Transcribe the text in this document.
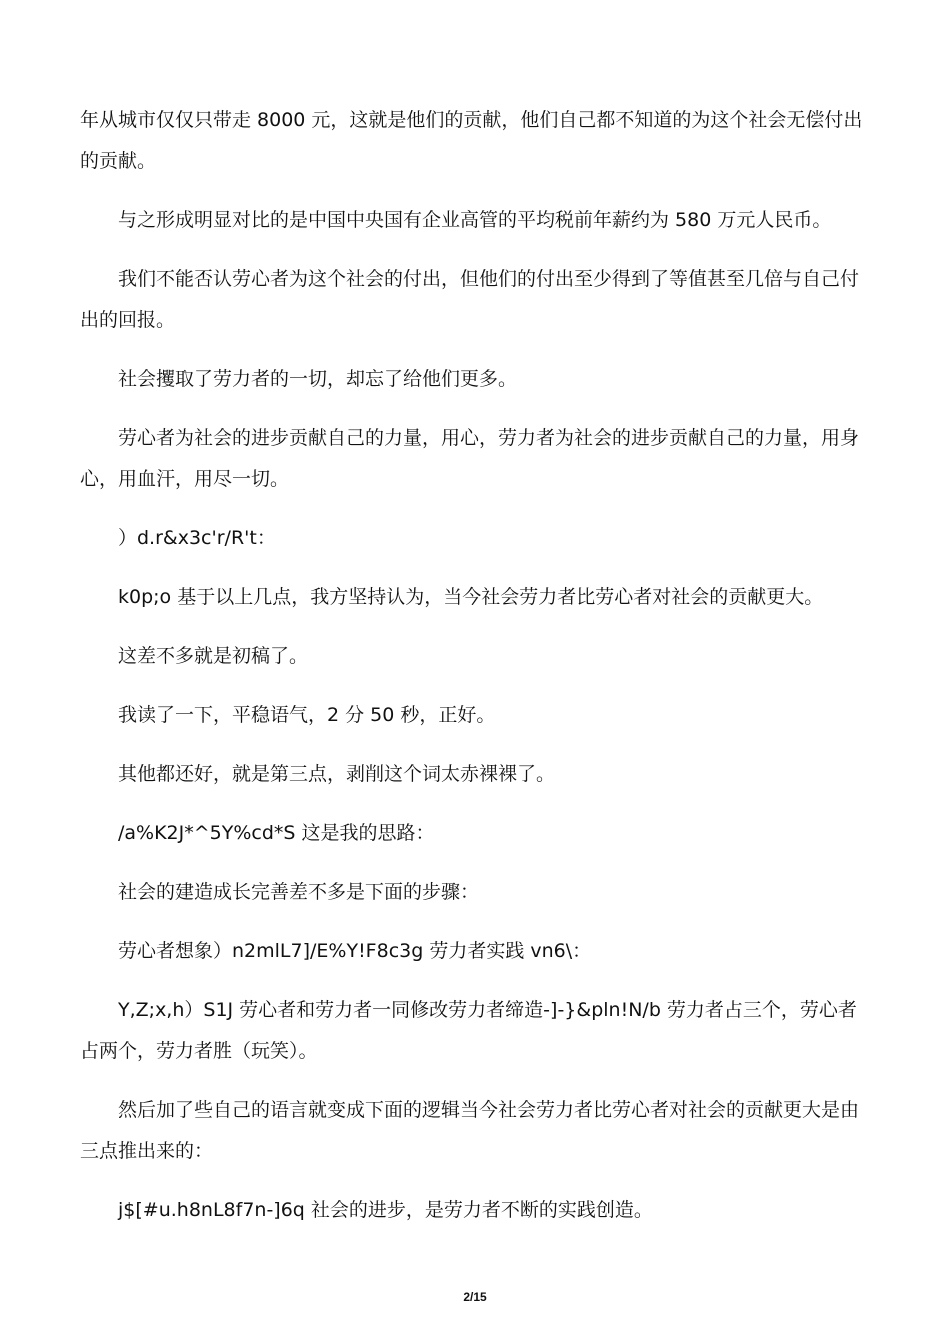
年从城市仅仅只带走 8000 元，这就是他们的贡献，他们自己都不知道的为这个社会无偿付出的贡献。

与之形成明显对比的是中国中央国有企业高管的平均税前年薪约为 580 万元人民币。

我们不能否认劳心者为这个社会的付出，但他们的付出至少得到了等值甚至几倍与自己付出的回报。

社会攫取了劳力者的一切，却忘了给他们更多。

劳心者为社会的进步贡献自己的力量，用心，劳力者为社会的进步贡献自己的力量，用身心，用血汗，用尽一切。

）d.r&x3c'r/R't：

k0p;o 基于以上几点，我方坚持认为，当今社会劳力者比劳心者对社会的贡献更大。

这差不多就是初稿了。

我读了一下，平稳语气，2 分 50 秒，正好。

其他都还好，就是第三点，剥削这个词太赤裸裸了。

/a%K2J*^5Y%cd*S 这是我的思路：

社会的建造成长完善差不多是下面的步骤：

劳心者想象）n2mlL7]/E%Y!F8c3g 劳力者实践 vn6\：

Y,Z;x,h）S1J 劳心者和劳力者一同修改劳力者缔造-]-}&pln!N/b 劳力者占三个，劳心者占两个，劳力者胜（玩笑）。

然后加了些自己的语言就变成下面的逻辑当今社会劳力者比劳心者对社会的贡献更大是由三点推出来的：

j$[#u.h8nL8f7n-]6q 社会的进步，是劳力者不断的实践创造。

2/15
